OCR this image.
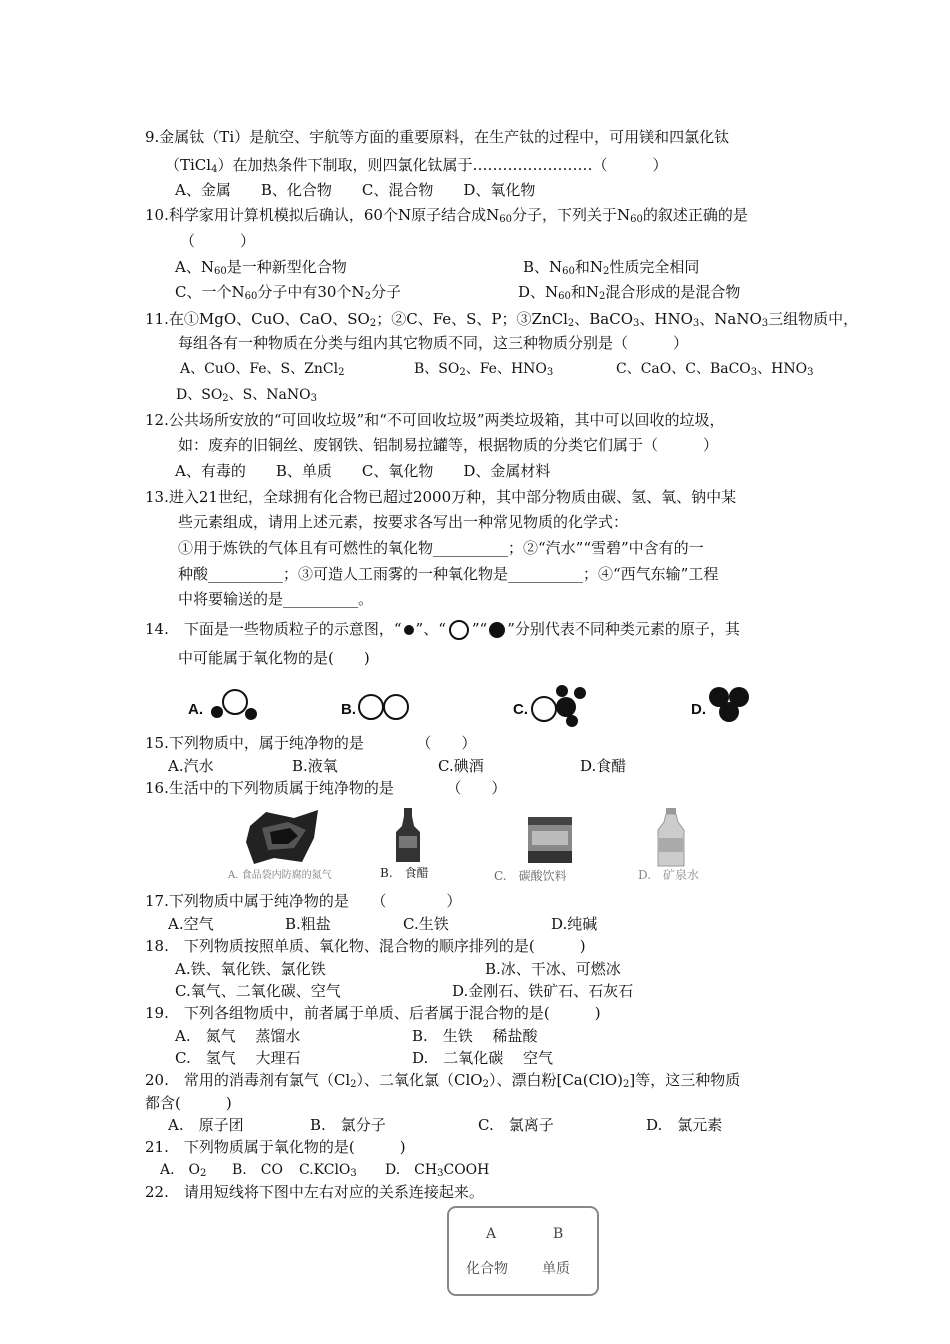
9.金属钛（Ti）是航空、宇航等方面的重要原料，在生产钛的过程中，可用镁和四氯化钛
（TiCl$_4$）在加热条件下制取，则四氯化钛属于……………………（　　　）
A、金属　　B、化合物　　C、混合物　　D、氧化物
10.科学家用计算机模拟后确认，60个N原子结合成$N_{60}$分子，下列关于$N_{60}$的叙述正确的是
（　　　）
A、$N_{60}$是一种新型化合物	B、$N_{60}$和$N_2$性质完全相同
C、一个$N_{60}$分子中有30个$N_2$分子	D、$N_{60}$和$N_2$混合形成的是混合物
11.在①MgO、CuO、CaO、$SO_2$；②C、Fe、S、P；③ZnCl$_2$、BaCO$_3$、$HNO_3$、NaNO$_3$三组物质中，
每组各有一种物质在分类与组内其它物质不同，这三种物质分别是（　　　）
A、CuO、Fe、S、ZnCl$_2$	B、$SO_2$、Fe、$HNO_3$	C、CaO、C、BaCO$_3$、$HNO_3$
D、$SO_2$、S、NaNO$_3$
12.公共场所安放的“可回收垃圾”和“不可回收垃圾”两类垃圾箱，其中可以回收的垃圾，
如：废弃的旧铜丝、废钢铁、铝制易拉罐等，根据物质的分类它们属于（　　　）
A、有毒的　　B、单质　　C、氧化物　　D、金属材料
13.进入21世纪，全球拥有化合物已超过2000万种，其中部分物质由碳、氢、氧、钠中某
些元素组成，请用上述元素，按要求各写出一种常见物质的化学式：
①用于炼铁的气体且有可燃性的氧化物__________；②“汽水”“雪碧”中含有的一
种酸__________；③可造人工雨雾的一种氧化物是__________；④“西气东输”工程
中将要输送的是__________。
14.　下面是一些物质粒子的示意图，“ ”、“ ”“ ”分别代表不同种类元素的原子，其
中可能属于氧化物的是(　　)
A.	B.	C.	D.
15.下列物质中，属于纯净物的是　　　　（　　）
A.汽水	B.液氧	C.碘酒	D.食醋
16.生活中的下列物质属于纯净物的是　　　　（　　）
A. 食品袋内防腐的氮气	B.　食醋	C.　碳酸饮料	D.　矿泉水
17.下列物质中属于纯净物的是　　（　　　　）
A.空气	B.粗盐	C.生铁	D.纯碱
18.　下列物质按照单质、氧化物、混合物的顺序排列的是(　　　)
A.铁、氧化铁、氯化铁	B.冰、干冰、可燃冰
C.氧气、二氧化碳、空气	D.金刚石、铁矿石、石灰石
19.　下列各组物质中，前者属于单质、后者属于混合物的是(　　　)
A.　氮气　 蒸馏水	B.　生铁　 稀盐酸
C.　氢气　 大理石	D.　二氧化碳　 空气
20.　常用的消毒剂有氯气$(Cl_2)$、二氧化氯（ClO$_2$）、漂白粉$[Ca(ClO)_2]$等，这三种物质
都含(　　　)
A.　原子团	B.　氯分子	C.　氯离子	D.　氯元素
21.　下列物质属于氧化物的是(　　　)
A.　$O_2$ B.　CO C.KClO$_3$ D.　$CH_3COOH$
22.　请用短线将下图中左右对应的关系连接起来。
A	B
化合物 单质
